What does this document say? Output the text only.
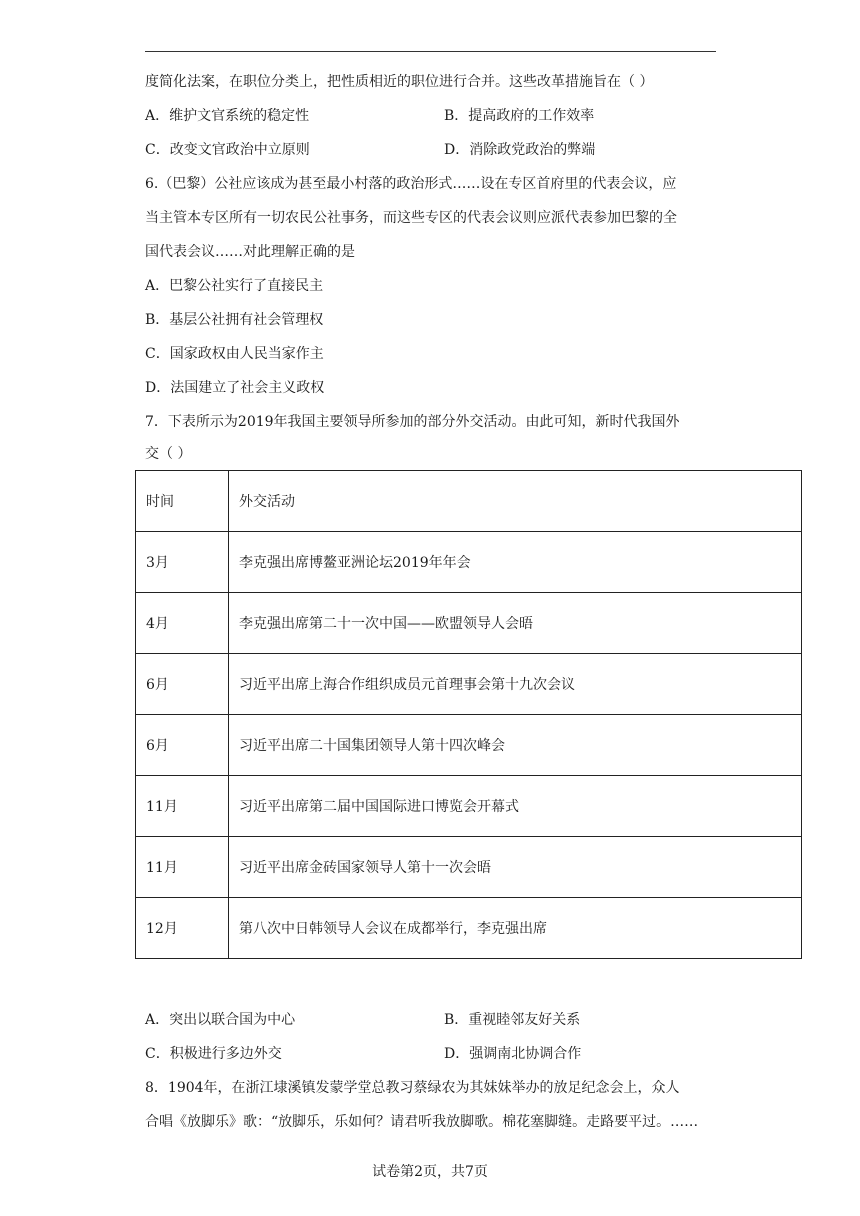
度简化法案，在职位分类上，把性质相近的职位进行合并。这些改革措施旨在（ ）
A．维护文官系统的稳定性	B．提高政府的工作效率
C．改变文官政治中立原则	D．消除政党政治的弊端
6.（巴黎）公社应该成为甚至最小村落的政治形式……设在专区首府里的代表会议，应
当主管本专区所有一切农民公社事务，而这些专区的代表会议则应派代表参加巴黎的全
国代表会议……对此理解正确的是
A．巴黎公社实行了直接民主
B．基层公社拥有社会管理权
C．国家政权由人民当家作主
D．法国建立了社会主义政权
7．下表所示为2019年我国主要领导所参加的部分外交活动。由此可知，新时代我国外
交（ ）
时间	外交活动
3月	李克强出席博鳌亚洲论坛2019年年会
4月	李克强出席第二十一次中国——欧盟领导人会晤
6月	习近平出席上海合作组织成员元首理事会第十九次会议
6月	习近平出席二十国集团领导人第十四次峰会
11月	习近平出席第二届中国国际进口博览会开幕式
11月	习近平出席金砖国家领导人第十一次会晤
12月	第八次中日韩领导人会议在成都举行，李克强出席
A．突出以联合国为中心	B．重视睦邻友好关系
C．积极进行多边外交	D．强调南北协调合作
8．1904年，在浙江埭溪镇发蒙学堂总教习蔡绿农为其妹妹举办的放足纪念会上，众人
合唱《放脚乐》歌：“放脚乐，乐如何？请君听我放脚歌。棉花塞脚缝。走路要平过。……
试卷第2页，共7页
